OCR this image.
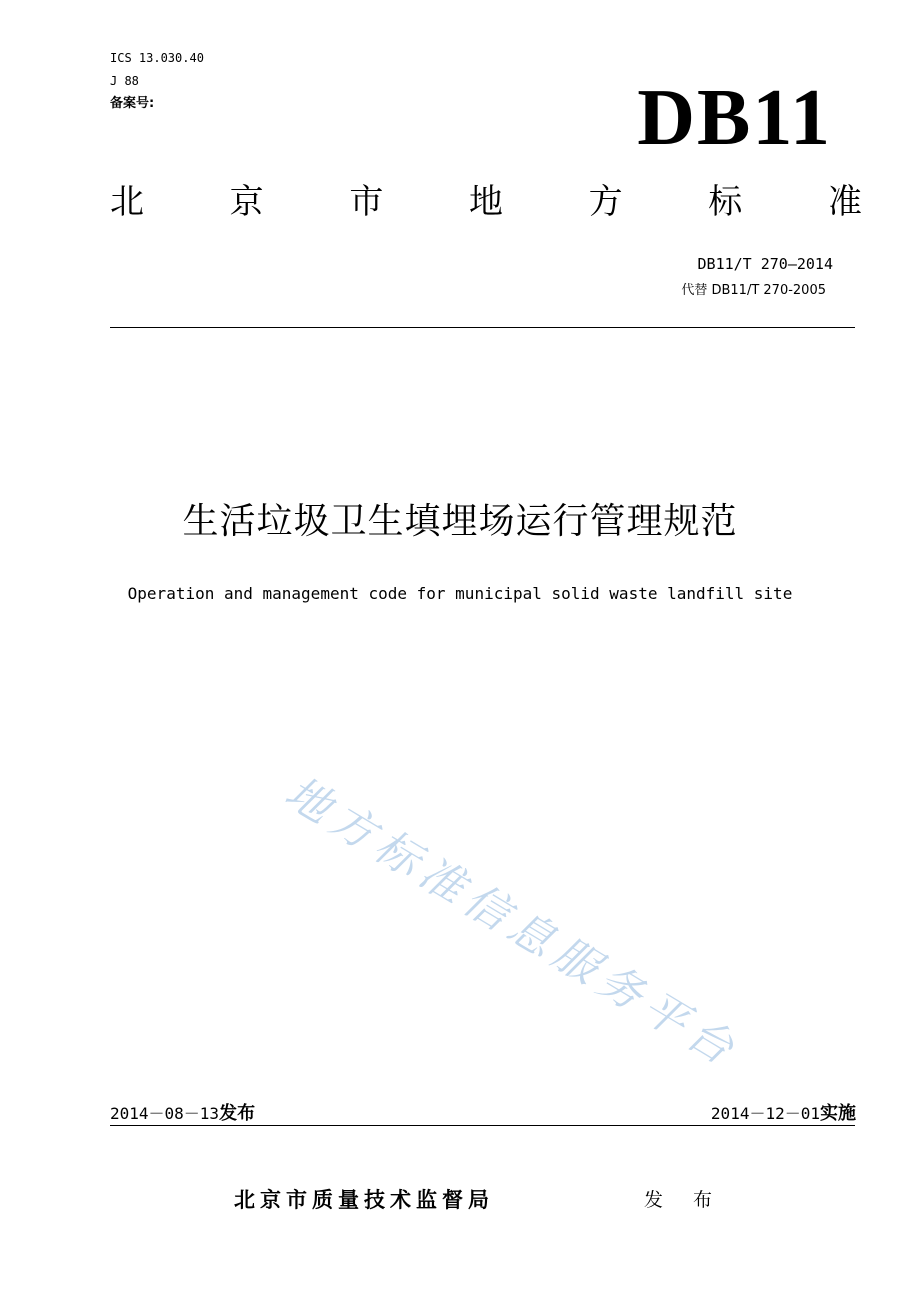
ICS 13.030.40
J 88
备案号:	DB11
北	京	市	地	方	标	准
DB11/T 270—2014
代替 DB11/T 270-2005
生活垃圾卫生填埋场运行管理规范
Operation and management code for municipal solid waste landfill site
地方标准信息服务平台
2014－08－13发布	2014－12－01实施
北京市质量技术监督局	发 布
